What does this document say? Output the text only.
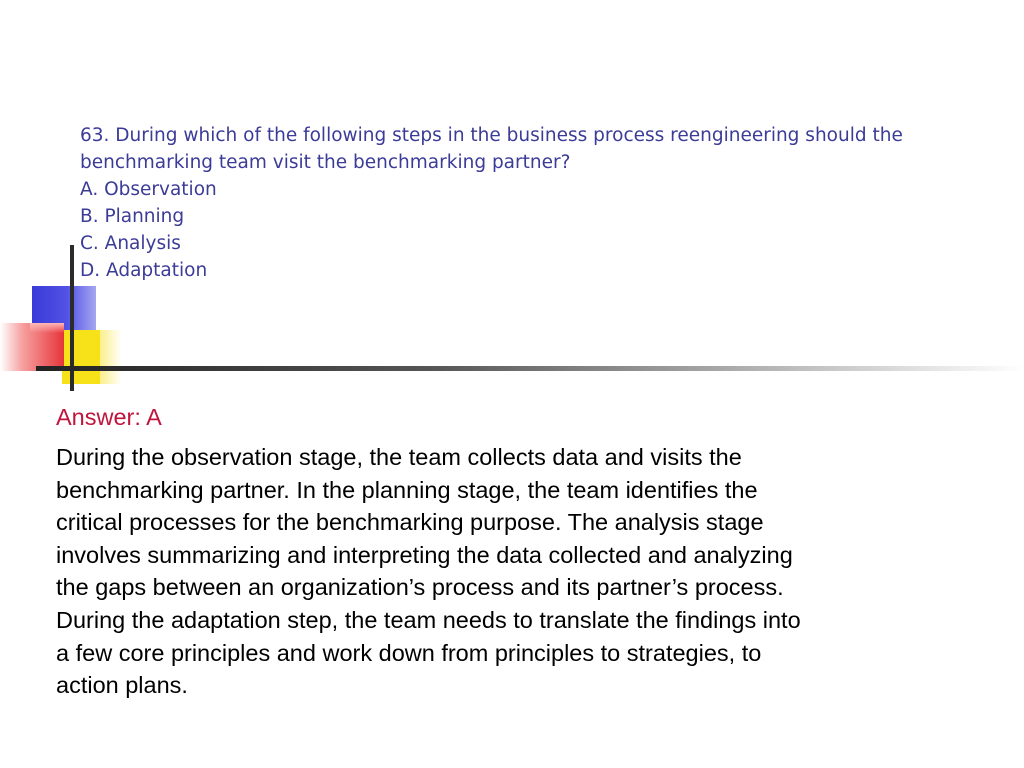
63. During which of the following steps in the business process reengineering should the
benchmarking team visit the benchmarking partner?
A. Observation
B. Planning
C. Analysis
D. Adaptation
Answer: A
During the observation stage, the team collects data and visits the
benchmarking partner. In the planning stage, the team identifies the
critical processes for the benchmarking purpose. The analysis stage
involves summarizing and interpreting the data collected and analyzing
the gaps between an organization’s process and its partner’s process.
During the adaptation step, the team needs to translate the findings into
a few core principles and work down from principles to strategies, to
action plans.
